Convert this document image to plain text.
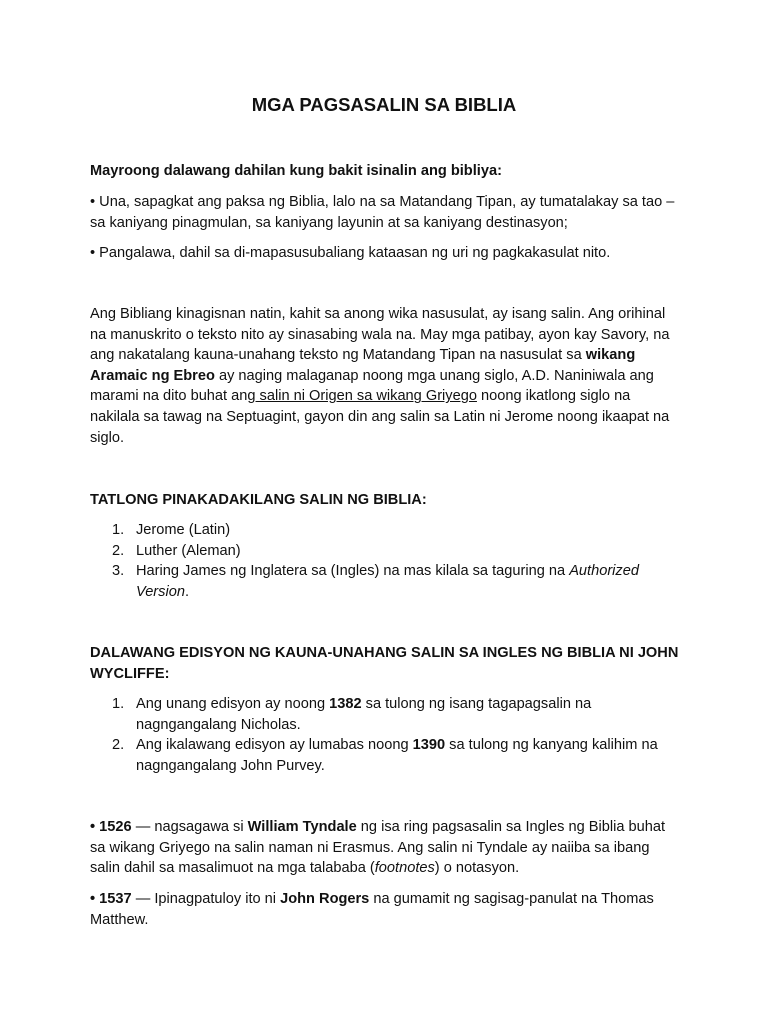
MGA PAGSASALIN SA BIBLIA

Mayroong dalawang dahilan kung bakit isinalin ang bibliya:

• Una, sapagkat ang paksa ng Biblia, lalo na sa Matandang Tipan, ay tumatalakay sa tao – sa kaniyang pinagmulan, sa kaniyang layunin at sa kaniyang destinasyon;

• Pangalawa, dahil sa di-mapasusubaliang kataasan ng uri ng pagkakasulat nito.

Ang Bibliang kinagisnan natin, kahit sa anong wika nasusulat, ay isang salin. Ang orihinal na manuskrito o teksto nito ay sinasabing wala na. May mga patibay, ayon kay Savory, na ang nakatalang kauna-unahang teksto ng Matandang Tipan na nasusulat sa wikang Aramaic ng Ebreo ay naging malaganap noong mga unang siglo, A.D. Naniniwala ang marami na dito buhat ang salin ni Origen sa wikang Griyego noong ikatlong siglo na nakilala sa tawag na Septuagint, gayon din ang salin sa Latin ni Jerome noong ikaapat na siglo.

TATLONG PINAKADAKILANG SALIN NG BIBLIA:

1. Jerome (Latin)
2. Luther (Aleman)
3. Haring James ng Inglatera sa (Ingles) na mas kilala sa taguring na Authorized Version.

DALAWANG EDISYON NG KAUNA-UNAHANG SALIN SA INGLES NG BIBLIA NI JOHN WYCLIFFE:

1. Ang unang edisyon ay noong 1382 sa tulong ng isang tagapagsalin na nagngangalang Nicholas.
2. Ang ikalawang edisyon ay lumabas noong 1390 sa tulong ng kanyang kalihim na nagngangalang John Purvey.

• 1526 — nagsagawa si William Tyndale ng isa ring pagsasalin sa Ingles ng Biblia buhat sa wikang Griyego na salin naman ni Erasmus. Ang salin ni Tyndale ay naiiba sa ibang salin dahil sa masalimuot na mga talababa (footnotes) o notasyon.

• 1537 — Ipinagpatuloy ito ni John Rogers na gumamit ng sagisag-panulat na Thomas Matthew.
